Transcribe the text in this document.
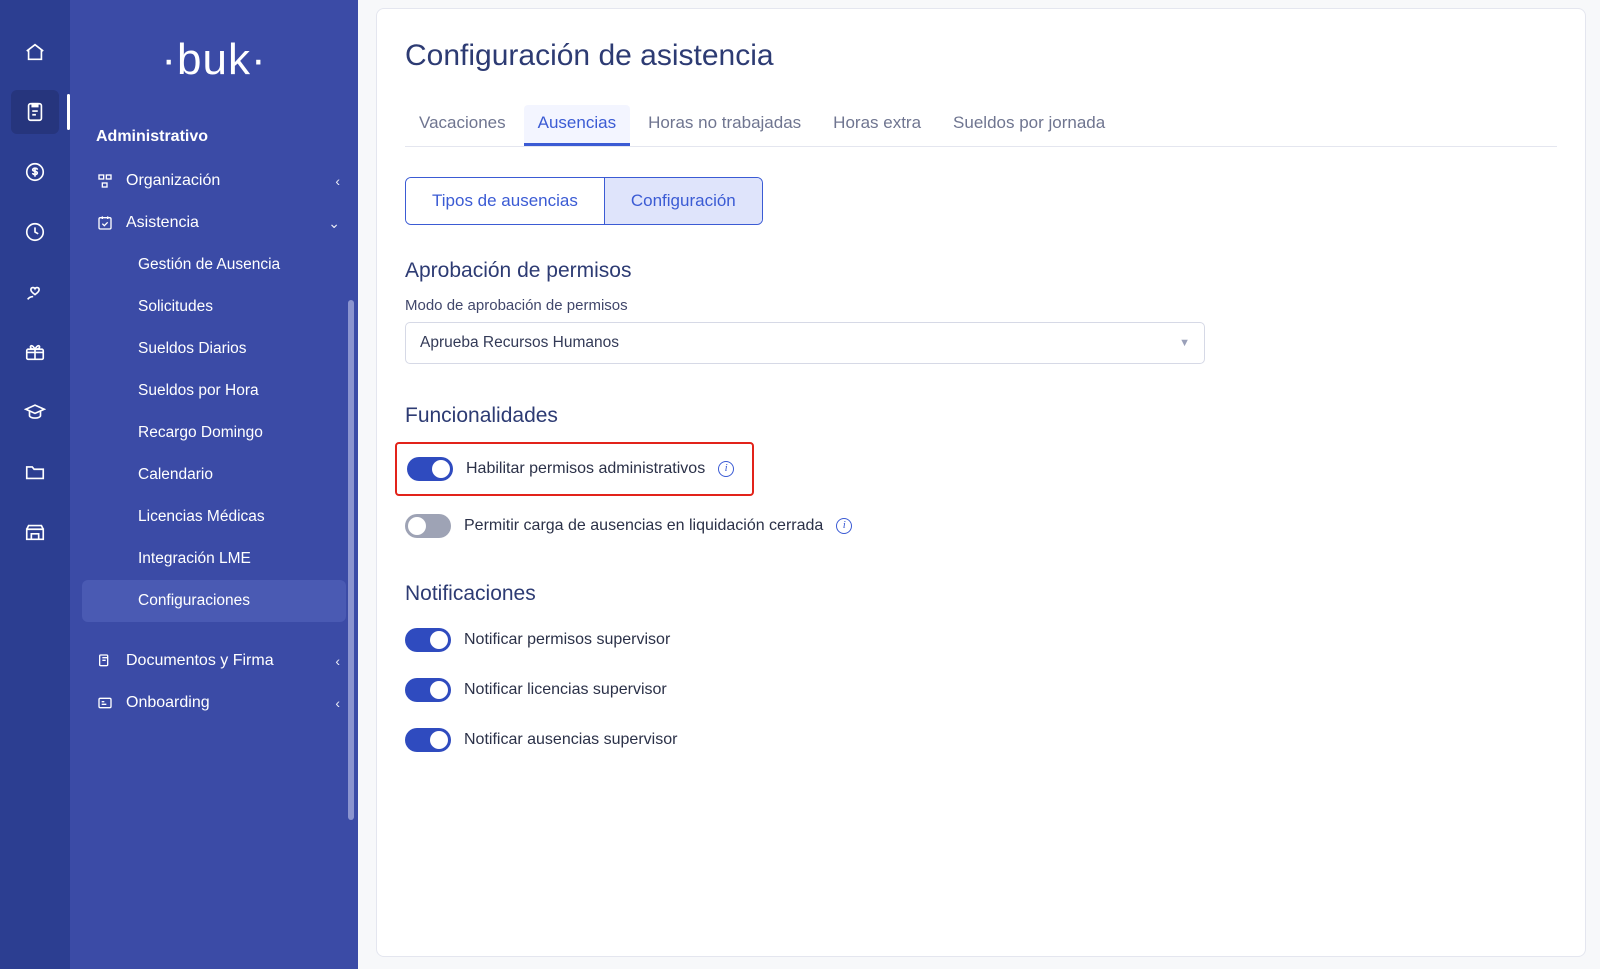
·buk·
Administrativo
Organización	‹
Asistencia	⌄
Gestión de Ausencia
Solicitudes
Sueldos Diarios
Sueldos por Hora
Recargo Domingo
Calendario
Licencias Médicas
Integración LME
Configuraciones
Documentos y Firma	‹
Onboarding	‹
Configuración de asistencia
Vacaciones	Ausencias	Horas no trabajadas	Horas extra	Sueldos por jornada
Tipos de ausencias	Configuración
Aprobación de permisos
Modo de aprobación de permisos
Aprueba Recursos Humanos	▼
Funcionalidades
Habilitar permisos administrativos	i
Permitir carga de ausencias en liquidación cerrada	i
Notificaciones
Notificar permisos supervisor
Notificar licencias supervisor
Notificar ausencias supervisor
